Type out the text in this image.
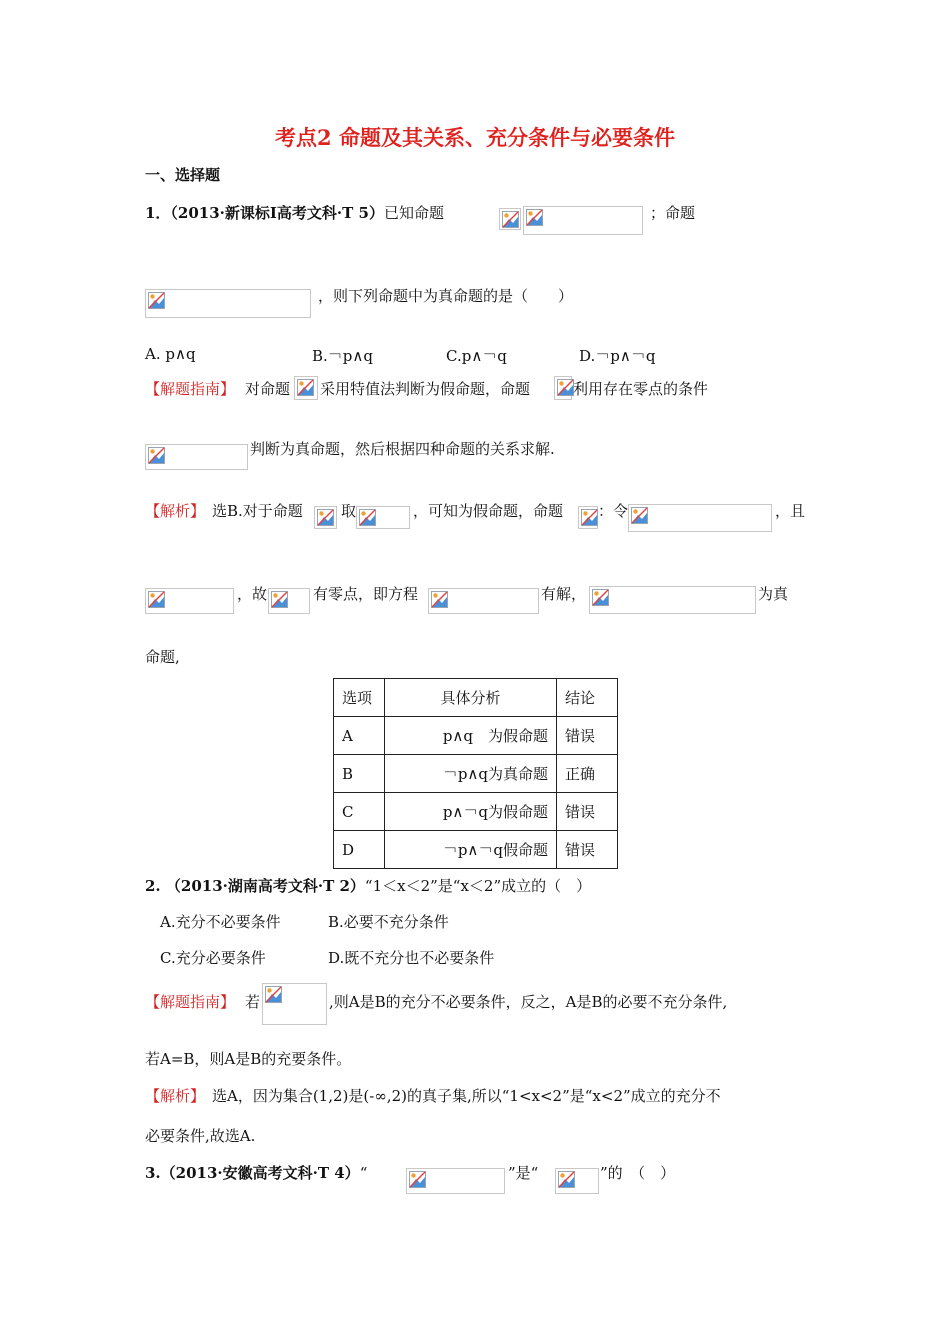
考点2 命题及其关系、充分条件与必要条件
一、选择题
1．（2013·新课标Ⅰ高考文科·T 5）已知命题	；命题
，则下列命题中为真命题的是（　　）
A. p∧q	B.￢p∧q	C.p∧￢q	D.￢p∧￢q
【解题指南】 对命题 采用特值法判断为假命题，命题	利用存在零点的条件
判断为真命题，然后根据四种命题的关系求解.
【解析】 选B.对于命题	取	，可知为假命题，命题 ：令	，且
，故	有零点，即方程	有解，	为真
命题,
选项	具体分析	结论
A	p∧q　为假命题	错误
B	￢p∧q为真命题	正确
C	p∧￢q为假命题	错误
D	￢p∧￢q假命题	错误
2. （2013·湖南高考文科·T 2）“1＜x＜2”是“x＜2”成立的（　）
A.充分不必要条件	B.必要不充分条件
C.充分必要条件	D.既不充分也不必要条件
【解题指南】 若	,则A是B的充分不必要条件，反之，A是B的必要不充分条件,
若A=B，则A是B的充要条件。
【解析】 选A，因为集合(1,2)是(-∞,2)的真子集,所以“1<x<2”是“x<2”成立的充分不
必要条件,故选A.
3.（2013·安徽高考文科·T 4）“	”是“	”的　（　）
